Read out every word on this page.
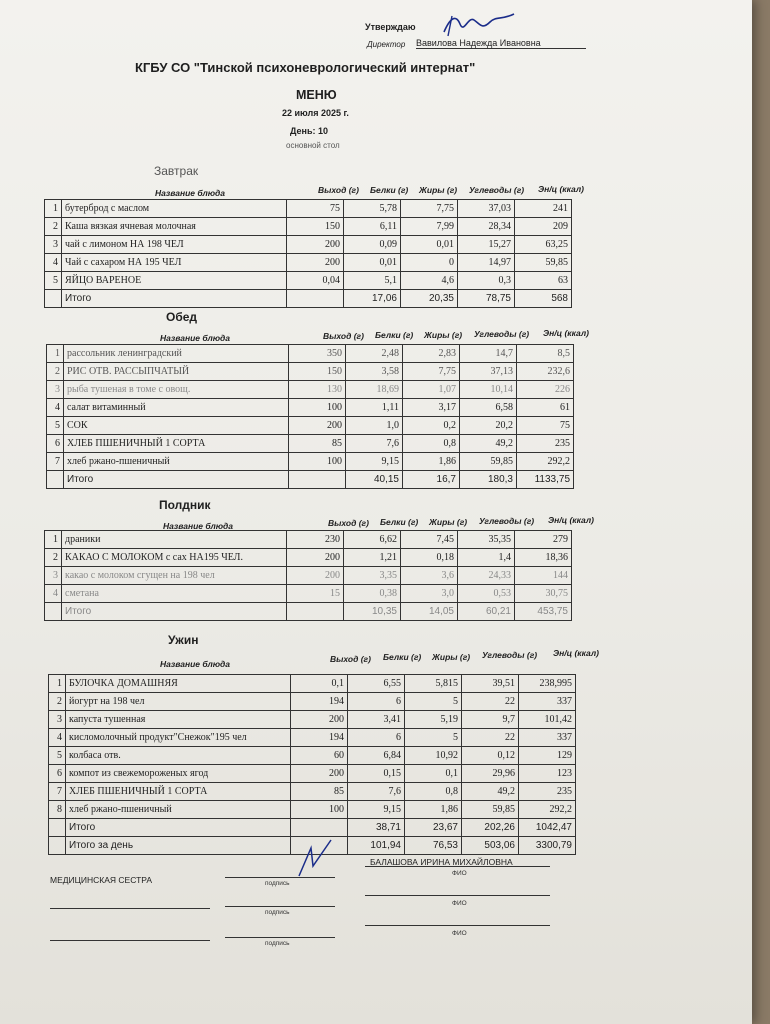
Утверждаю
Директор Вавилова Надежда Ивановна
КГБУ СО "Тинской психоневрологический интернат"
МЕНЮ
22 июля 2025 г.
День: 10
основной стол
Завтрак
Название блюда	Выход (г) Белки (г) Жиры (г) Углеводы (г) Эн/ц (ккал)
1	бутерброд с маслом	75	5,78	7,75	37,03	241
2	Каша вязкая ячневая молочная	150	6,11	7,99	28,34	209
3	чай с лимоном НА 198 ЧЕЛ	200	0,09	0,01	15,27	63,25
4	Чай с сахаром НА 195 ЧЕЛ	200	0,01	0	14,97	59,85
5	ЯЙЦО ВАРЕНОЕ	0,04	5,1	4,6	0,3	63
	Итого		17,06	20,35	78,75	568
Обед
Название блюда	Выход (г) Белки (г) Жиры (г) Углеводы (г) Эн/ц (ккал)
1	рассольник ленинградский	350	2,48	2,83	14,7	8,5
2	РИС ОТВ. РАССЫПЧАТЫЙ	150	3,58	7,75	37,13	232,6
3	рыба тушеная в томе с овощ.	130	18,69	1,07	10,14	226
4	салат витаминный	100	1,11	3,17	6,58	61
5	СОК	200	1,0	0,2	20,2	75
6	ХЛЕБ ПШЕНИЧНЫЙ 1 СОРТА	85	7,6	0,8	49,2	235
7	хлеб ржано-пшеничный	100	9,15	1,86	59,85	292,2
	Итого		40,15	16,7	180,3	1133,75
Полдник
Название блюда	Выход (г) Белки (г) Жиры (г) Углеводы (г) Эн/ц (ккал)
1	драники	230	6,62	7,45	35,35	279
2	КАКАО С МОЛОКОМ с сах НА195 ЧЕЛ.	200	1,21	0,18	1,4	18,36
3	какао с молоком сгущен на 198 чел	200	3,35	3,6	24,33	144
4	сметана	15	0,38	3,0	0,53	30,75
	Итого		10,35	14,05	60,21	453,75
Ужин
Название блюда	Выход (г) Белки (г) Жиры (г) Углеводы (г) Эн/ц (ккал)
1	БУЛОЧКА ДОМАШНЯЯ	0,1	6,55	5,815	39,51	238,995
2	йогурт на 198 чел	194	6	5	22	337
3	капуста тушенная	200	3,41	5,19	9,7	101,42
4	кисломолочный продукт"Снежок"195 чел	194	6	5	22	337
5	колбаса отв.	60	6,84	10,92	0,12	129
6	компот из свежемороженых ягод	200	0,15	0,1	29,96	123
7	ХЛЕБ ПШЕНИЧНЫЙ 1 СОРТА	85	7,6	0,8	49,2	235
8	хлеб ржано-пшеничный	100	9,15	1,86	59,85	292,2
	Итого		38,71	23,67	202,26	1042,47
	Итого за день		101,94	76,53	503,06	3300,79
МЕДИЦИНСКАЯ СЕСТРА
БАЛАШОВА ИРИНА МИХАЙЛОВНА
подпись
ФИО
подпись
ФИО
подпись
ФИО
